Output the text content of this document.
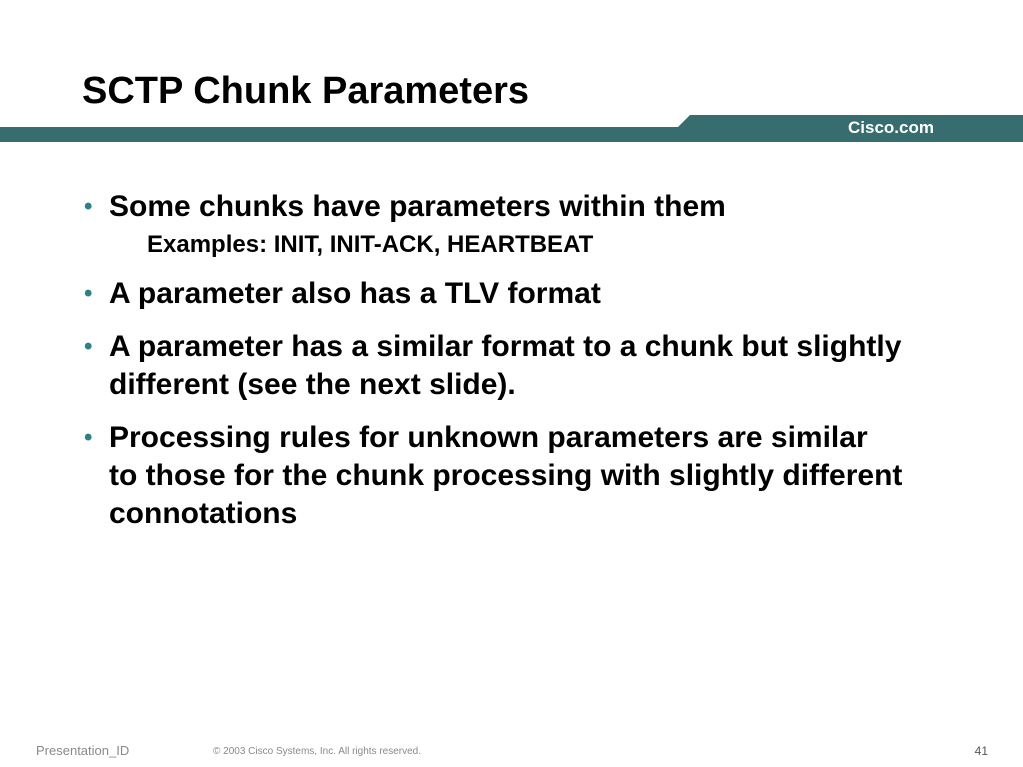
SCTP Chunk Parameters
Cisco.com
• Some chunks have parameters within them
Examples: INIT, INIT-ACK, HEARTBEAT
• A parameter also has a TLV format
• A parameter has a similar format to a chunk but slightly different (see the next slide).
• Processing rules for unknown parameters are similar to those for the chunk processing with slightly different connotations
Presentation_ID	© 2003 Cisco Systems, Inc. All rights reserved.	41
